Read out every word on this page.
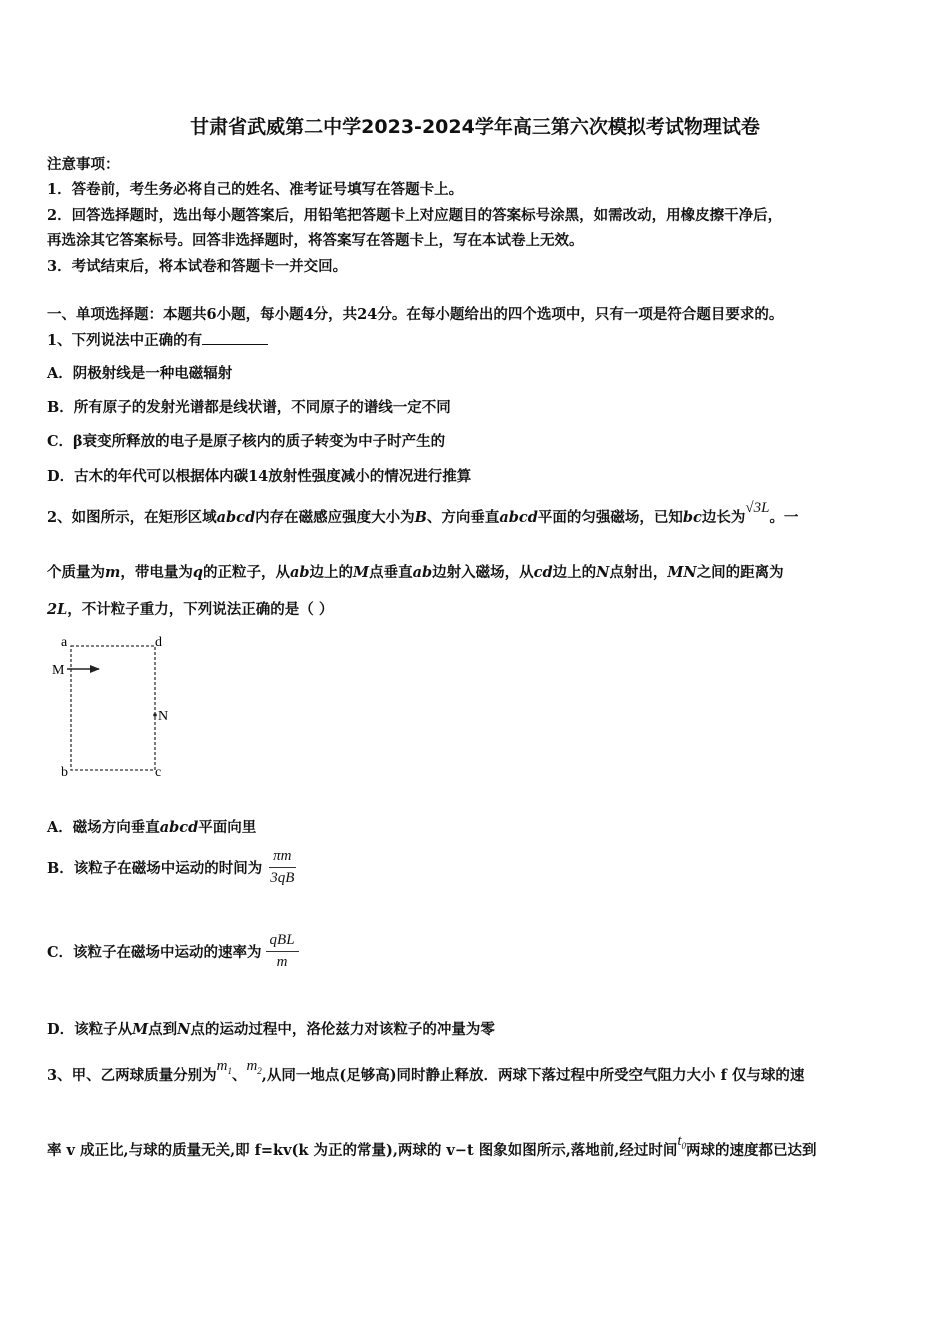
甘肃省武威第二中学2023-2024学年高三第六次模拟考试物理试卷
注意事项：
1．答卷前，考生务必将自己的姓名、准考证号填写在答题卡上。
2．回答选择题时，选出每小题答案后，用铅笔把答题卡上对应题目的答案标号涂黑，如需改动，用橡皮擦干净后，
再选涂其它答案标号。回答非选择题时，将答案写在答题卡上，写在本试卷上无效。
3．考试结束后，将本试卷和答题卡一并交回。
一、单项选择题：本题共6小题，每小题4分，共24分。在每小题给出的四个选项中，只有一项是符合题目要求的。
1、下列说法中正确的有
A．阴极射线是一种电磁辐射
B．所有原子的发射光谱都是线状谱，不同原子的谱线一定不同
C．β衰变所释放的电子是原子核内的质子转变为中子时产生的
D．古木的年代可以根据体内碳14放射性强度减小的情况进行推算
2、如图所示，在矩形区域abcd内存在磁感应强度大小为B、方向垂直abcd平面的匀强磁场，已知bc边长为√3L。一
个质量为m，带电量为q的正粒子，从ab边上的M点垂直ab边射入磁场，从cd边上的N点射出，MN之间的距离为
2L，不计粒子重力，下列说法正确的是（ ）
a	d
b	c
M
N
A．磁场方向垂直abcd平面向里
B．该粒子在磁场中运动的时间为 $\frac{\pi m}{3qB}$
C．该粒子在磁场中运动的速率为 $\frac{\text{qBL}}{m}$
D．该粒子从M点到N点的运动过程中，洛伦兹力对该粒子的冲量为零
3、甲、乙两球质量分别为$m_1$、$m_2$,从同一地点(足够高)同时静止释放．两球下落过程中所受空气阻力大小 f 仅与球的速
率 v 成正比,与球的质量无关,即 f=kv(k 为正的常量),两球的 v−t 图象如图所示,落地前,经过时间$t_0$两球的速度都已达到
